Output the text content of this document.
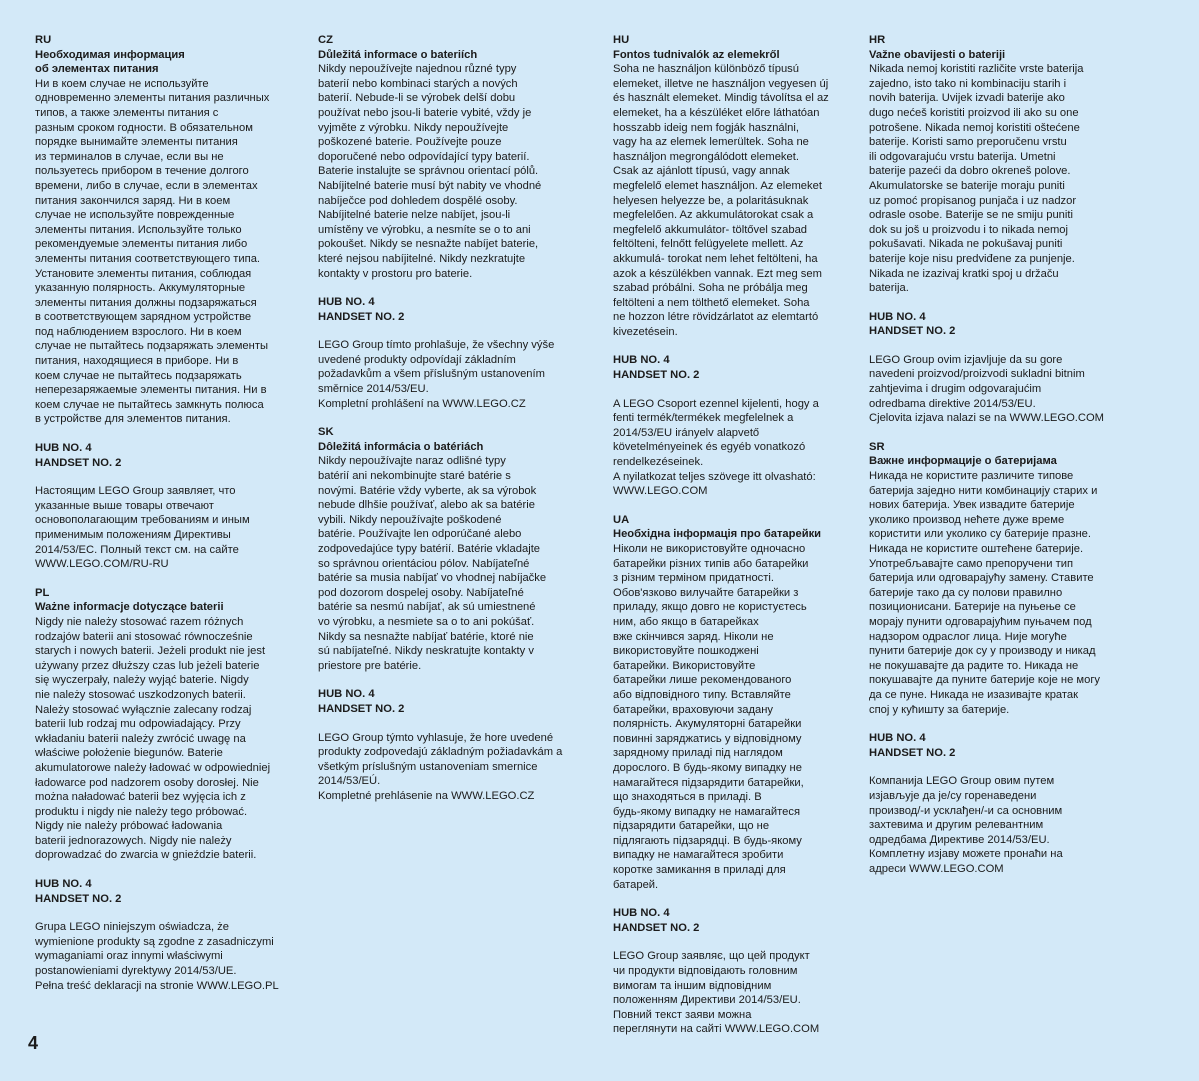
RU
Необходимая информация
об элементах питания
Ни в коем случае не используйте
одновременно элементы питания различных
типов, а также элементы питания с
разным сроком годности. В обязательном
порядке вынимайте элементы питания
из терминалов в случае, если вы не
пользуетесь прибором в течение долгого
времени, либо в случае, если в элементах
питания закончился заряд. Ни в коем
случае не используйте поврежденные
элементы питания. Используйте только
рекомендуемые элементы питания либо
элементы питания соответствующего типа.
Установите элементы питания, соблюдая
указанную полярность. Аккумуляторные
элементы питания должны подзаряжаться
в соответствующем зарядном устройстве
под наблюдением взрослого. Ни в коем
случае не пытайтесь подзаряжать элементы
питания, находящиеся в приборе. Ни в
коем случае не пытайтесь подзаряжать
неперезаряжаемые элементы питания. Ни в
коем случае не пытайтесь замкнуть полюса
в устройстве для элементов питания.
HUB NO. 4
HANDSET NO. 2
Настоящим LEGO Group заявляет, что
указанные выше товары отвечают
основополагающим требованиям и иным
применимым положениям Директивы
2014/53/EC. Полный текст см. на сайте
WWW.LEGO.COM/RU-RU
PL
Ważne informacje dotyczące baterii
Nigdy nie należy stosować razem różnych
rodzajów baterii ani stosować równocześnie
starych i nowych baterii. Jeżeli produkt nie jest
używany przez dłuższy czas lub jeżeli baterie
się wyczerpały, należy wyjąć baterie. Nigdy
nie należy stosować uszkodzonych baterii.
Należy stosować wyłącznie zalecany rodzaj
baterii lub rodzaj mu odpowiadający. Przy
wkładaniu baterii należy zwrócić uwagę na
właściwe położenie biegunów. Baterie
akumulatorowe należy ładować w odpowiedniej
ładowarce pod nadzorem osoby dorosłej. Nie
można naładować baterii bez wyjęcia ich z
produktu i nigdy nie należy tego próbować.
Nigdy nie należy próbować ładowania
baterii jednorazowych. Nigdy nie należy
doprowadzać do zwarcia w gnieździe baterii.
HUB NO. 4
HANDSET NO. 2
Grupa LEGO niniejszym oświadcza, że
wymienione produkty są zgodne z zasadniczymi
wymaganiami oraz innymi właściwymi
postanowieniami dyrektywy 2014/53/UE.
Pełna treść deklaracji na stronie WWW.LEGO.PL
CZ
Důležitá informace o bateriích
Nikdy nepoužívejte najednou různé typy
baterií nebo kombinaci starých a nových
baterií. Nebude-li se výrobek delší dobu
používat nebo jsou-li baterie vybité, vždy je
vyjměte z výrobku. Nikdy nepoužívejte
poškozené baterie. Používejte pouze
doporučené nebo odpovídající typy baterií.
Baterie instalujte se správnou orientací pólů.
Nabíjitelné baterie musí být nabity ve vhodné
nabíječce pod dohledem dospělé osoby.
Nabíjitelné baterie nelze nabíjet, jsou-li
umístěny ve výrobku, a nesmíte se o to ani
pokoušet. Nikdy se nesnažte nabíjet baterie,
které nejsou nabíjitelné. Nikdy nezkratujte
kontakty v prostoru pro baterie.
HUB NO. 4
HANDSET NO. 2
LEGO Group tímto prohlašuje, že všechny výše
uvedené produkty odpovídají základním
požadavkům a všem příslušným ustanovením
směrnice 2014/53/EU.
Kompletní prohlášení na WWW.LEGO.CZ
SK
Dôležitá informácia o batériách
Nikdy nepoužívajte naraz odlišné typy
batérií ani nekombinujte staré batérie s
novými. Batérie vždy vyberte, ak sa výrobok
nebude dlhšie používať, alebo ak sa batérie
vybili. Nikdy nepoužívajte poškodené
batérie. Používajte len odporúčané alebo
zodpovedajúce typy batérií. Batérie vkladajte
so správnou orientáciou pólov. Nabíjateľné
batérie sa musia nabíjať vo vhodnej nabíjačke
pod dozorom dospelej osoby. Nabíjateľné
batérie sa nesmú nabíjať, ak sú umiestnené
vo výrobku, a nesmiete sa o to ani pokúšať.
Nikdy sa nesnažte nabíjať batérie, ktoré nie
sú nabíjateľné. Nikdy neskratujte kontakty v
priestore pre batérie.
HUB NO. 4
HANDSET NO. 2
LEGO Group týmto vyhlasuje, že hore uvedené
produkty zodpovedajú základným požiadavkám a
všetkým príslušným ustanoveniam smernice
2014/53/EÚ.
Kompletné prehlásenie na WWW.LEGO.CZ
HU
Fontos tudnivalók az elemekről
Soha ne használjon különböző típusú
elemeket, illetve ne használjon vegyesen új
és használt elemeket. Mindig távolítsa el az
elemeket, ha a készüléket előre láthatóan
hosszabb ideig nem fogják használni,
vagy ha az elemek lemerültek. Soha ne
használjon megrongálódott elemeket.
Csak az ajánlott típusú, vagy annak
megfelelő elemet használjon. Az elemeket
helyesen helyezze be, a polaritásuknak
megfelelően. Az akkumulátorokat csak a
megfelelő akkumulátor- töltővel szabad
feltölteni, felnőtt felügyelete mellett. Az
akkumulá- torokat nem lehet feltölteni, ha
azok a készülékben vannak. Ezt meg sem
szabad próbálni. Soha ne próbálja meg
feltölteni a nem tölthető elemeket. Soha
ne hozzon létre rövidzárlatot az elemtartó
kivezetésein.
HUB NO. 4
HANDSET NO. 2
A LEGO Csoport ezennel kijelenti, hogy a
fenti termék/termékek megfelelnek a
2014/53/EU irányelv alapvető
követelményeinek és egyéb vonatkozó
rendelkezéseinek.
A nyilatkozat teljes szövege itt olvasható:
WWW.LEGO.COM
UA
Необхідна інформація про батарейки
Ніколи не використовуйте одночасно
батарейки різних типів або батарейки
з різним терміном придатності.
Обов'язково вилучайте батарейки з
приладу, якщо довго не користуєтесь
ним, або якщо в батарейках
вже скінчився заряд. Ніколи не
використовуйте пошкоджені
батарейки. Використовуйте
батарейки лише рекомендованого
або відповідного типу. Вставляйте
батарейки, враховуючи задану
полярність. Акумуляторні батарейки
повинні заряджатись у відповідному
зарядному приладі під наглядом
дорослого. В будь-якому випадку не
намагайтеся підзарядити батарейки,
що знаходяться в приладі. В
будь-якому випадку не намагайтеся
підзарядити батарейки, що не
підлягають підзарядці. В будь-якому
випадку не намагайтеся зробити
коротке замикання в приладі для
батарей.
HUB NO. 4
HANDSET NO. 2
LEGO Group заявляє, що цей продукт
чи продукти відповідають головним
вимогам та іншим відповідним
положенням Директиви 2014/53/EU.
Повний текст заяви можна
переглянути на сайті WWW.LEGO.COM
HR
Važne obavijesti o bateriji
Nikada nemoj koristiti različite vrste baterija
zajedno, isto tako ni kombinaciju starih i
novih baterija. Uvijek izvadi baterije ako
dugo nećeš koristiti proizvod ili ako su one
potrošene. Nikada nemoj koristiti oštećene
baterije. Koristi samo preporučenu vrstu
ili odgovarajuću vrstu baterija. Umetni
baterije pazeći da dobro okreneš polove.
Akumulatorske se baterije moraju puniti
uz pomoć propisanog punjača i uz nadzor
odrasle osobe. Baterije se ne smiju puniti
dok su još u proizvodu i to nikada nemoj
pokušavati. Nikada ne pokušavaj puniti
baterije koje nisu predviđene za punjenje.
Nikada ne izazivaj kratki spoj u držaču
baterija.
HUB NO. 4
HANDSET NO. 2
LEGO Group ovim izjavljuje da su gore
navedeni proizvod/proizvodi sukladni bitnim
zahtjevima i drugim odgovarajućim
odredbama direktive 2014/53/EU.
Cjelovita izjava nalazi se na WWW.LEGO.COM
SR
Важне информације о батеријама
Никада не користите различите типове
батерија заједно нити комбинацију старих и
нових батерија. Увек извадите батерије
уколико производ нећете дуже време
користити или уколико су батерије празне.
Никада не користите оштећене батерије.
Употребљавајте само препоручени тип
батерија или одговарајућу замену. Ставите
батерије тако да су полови правилно
позиционисани. Батерије на пуњење се
морају пунити одговарајућим пуњачем под
надзором одраслог лица. Није могуће
пунити батерије док су у производу и никад
не покушавајте да радите то. Никада не
покушавајте да пуните батерије које не могу
да се пуне. Никада не изазивајте кратак
спој у кућишту за батерије.
HUB NO. 4
HANDSET NO. 2
Компанија LEGO Group овим путем
изјављује да је/су горенаведени
производ/-и усклађен/-и са основним
захтевима и другим релевантним
одредбама Директиве 2014/53/EU.
Комплетну изјаву можете пронаћи на
адреси WWW.LEGO.COM
4
